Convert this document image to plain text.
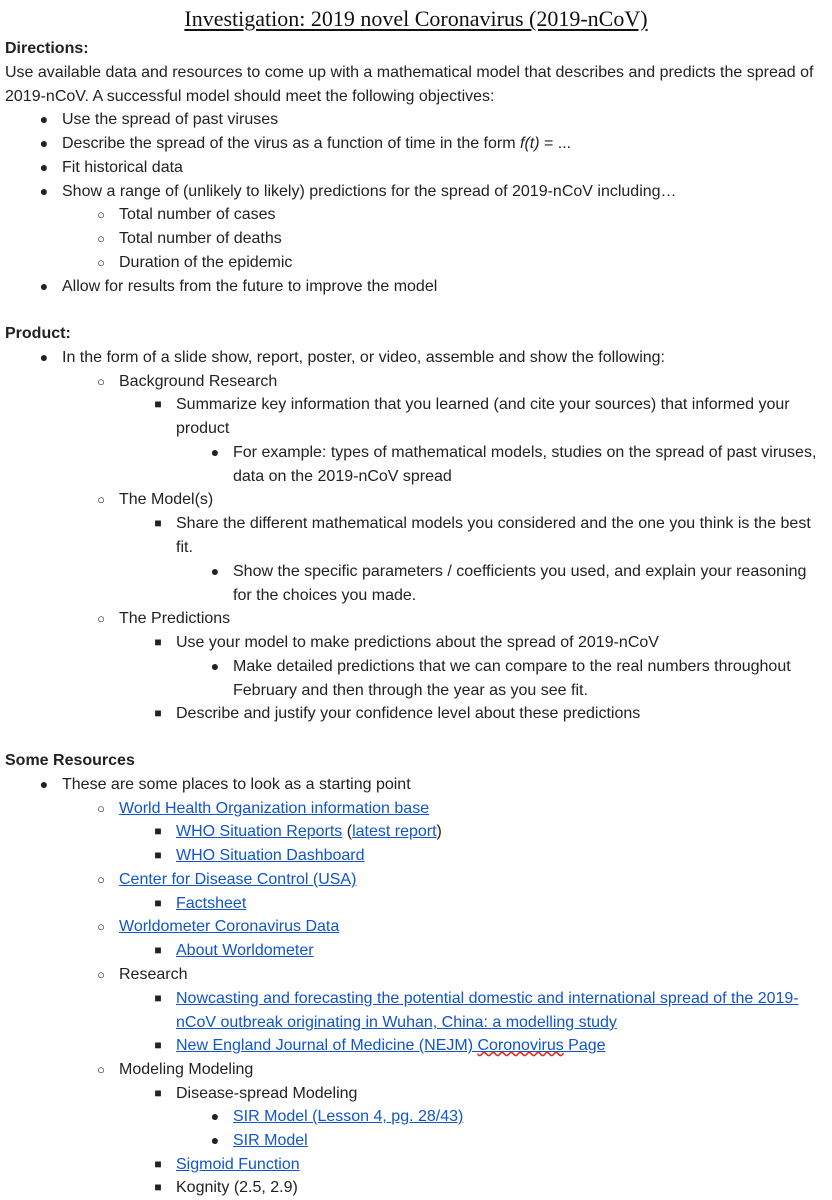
Investigation: 2019 novel Coronavirus (2019-nCoV)
Directions:
Use available data and resources to come up with a mathematical model that describes and predicts the spread of 2019-nCoV. A successful model should meet the following objectives:
● Use the spread of past viruses
● Describe the spread of the virus as a function of time in the form f(t) = ...
● Fit historical data
● Show a range of (unlikely to likely) predictions for the spread of 2019-nCoV including…
○ Total number of cases
○ Total number of deaths
○ Duration of the epidemic
● Allow for results from the future to improve the model
Product:
● In the form of a slide show, report, poster, or video, assemble and show the following:
○ Background Research
■ Summarize key information that you learned (and cite your sources) that informed your product
● For example: types of mathematical models, studies on the spread of past viruses, data on the 2019-nCoV spread
○ The Model(s)
■ Share the different mathematical models you considered and the one you think is the best fit.
● Show the specific parameters / coefficients you used, and explain your reasoning for the choices you made.
○ The Predictions
■ Use your model to make predictions about the spread of 2019-nCoV
● Make detailed predictions that we can compare to the real numbers throughout February and then through the year as you see fit.
■ Describe and justify your confidence level about these predictions
Some Resources
● These are some places to look as a starting point
○ World Health Organization information base
■ WHO Situation Reports (latest report)
■ WHO Situation Dashboard
○ Center for Disease Control (USA)
■ Factsheet
○ Worldometer Coronavirus Data
■ About Worldometer
○ Research
■ Nowcasting and forecasting the potential domestic and international spread of the 2019-nCoV outbreak originating in Wuhan, China: a modelling study
■ New England Journal of Medicine (NEJM) Coronovirus Page
○ Modeling Modeling
■ Disease-spread Modeling
● SIR Model (Lesson 4, pg. 28/43)
● SIR Model
■ Sigmoid Function
■ Kognity (2.5, 2.9)
